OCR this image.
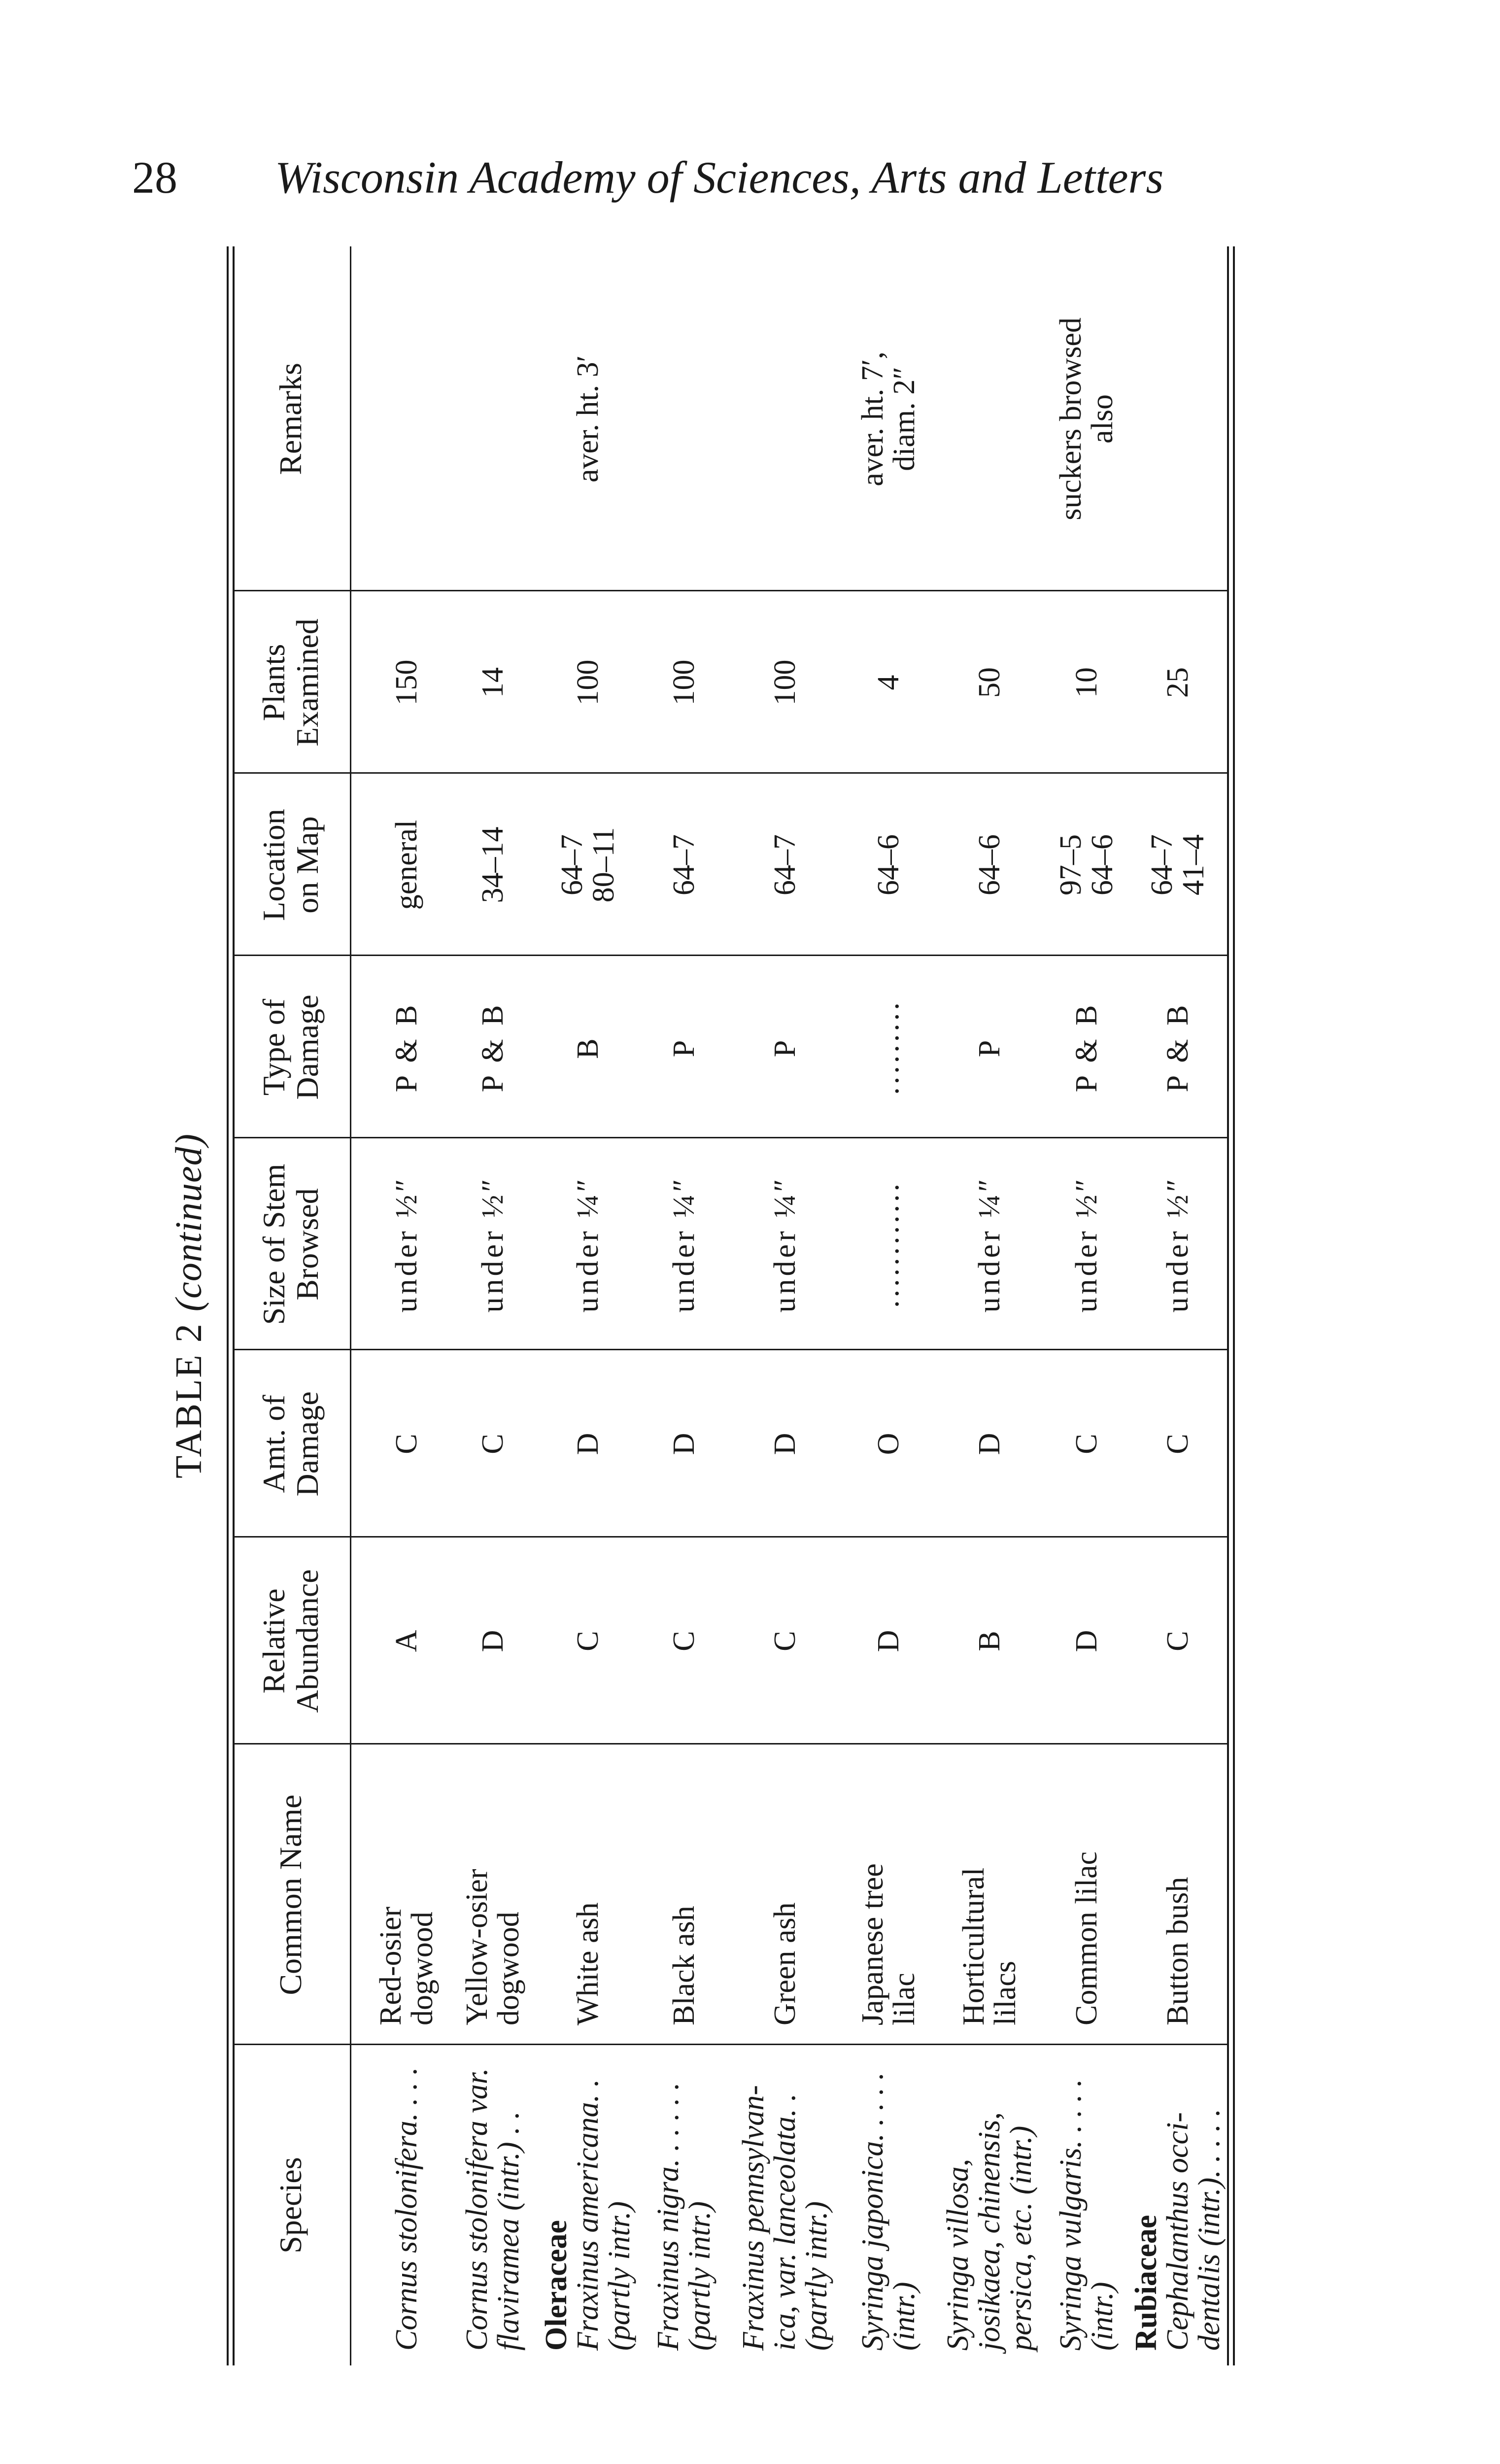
28 Wisconsin Academy of Sciences, Arts and Letters
TABLE 2 (continued)
Species
Common Name
Relative
Abundance
Amt. of
Damage
Size of Stem
Browsed
Type of
Damage
Location
on Map
Plants
Examined
Remarks
Cornus stolonifera. . . .
Red-osier
dogwood
A
C
under ½″
P & B
general
150
Cornus stolonifera var.
flaviramea (intr.) . .
Yellow-osier
dogwood
D
C
under ½″
P & B
34–14
14
Oleraceae
Fraxinus americana. .
(partly intr.)
White ash
C
D
under ¼″
B
64–7
80–11
100
aver. ht. 3′
Fraxinus nigra. . . . . .
(partly intr.)
Black ash
C
D
under ¼″
P
64–7
100
Fraxinus pennsylvan-
ica, var. lanceolata. .
(partly intr.)
Green ash
C
D
under ¼″
P
64–7
100
Syringa japonica. . . . .
(intr.)
Japanese tree
lilac
D
O
............
.........
64–6
4
aver. ht. 7′,
diam. 2″
Syringa villosa,
josikaea, chinensis,
persica, etc. (intr.)
Horticultural
lilacs
B
D
under ¼″
P
64–6
50
Syringa vulgaris. . . . .
(intr.)
Common lilac
D
C
under ½″
P & B
97–5
64–6
10
suckers browsed
also
Rubiaceae
Cephalanthus occi-
dentalis (intr.). . . . .
Button bush
C
C
under ½″
P & B
64–7
41–4
25
